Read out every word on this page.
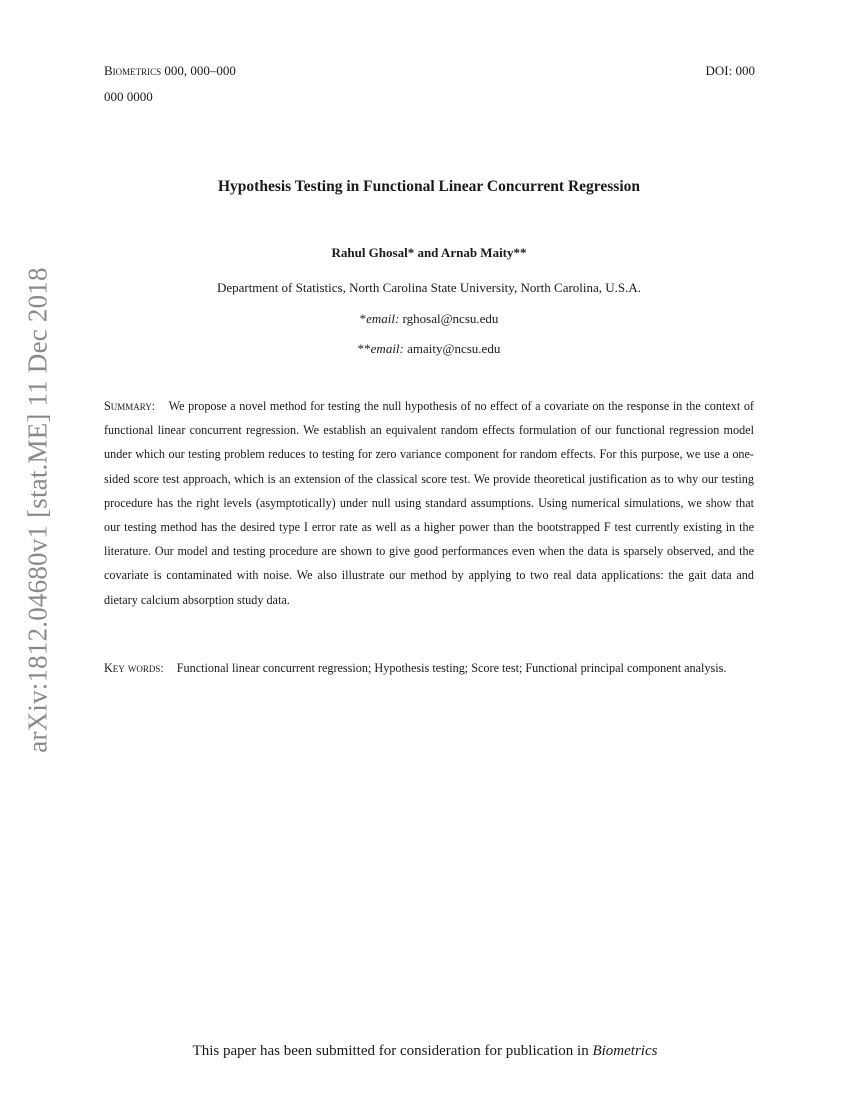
arXiv:1812.04680v1 [stat.ME] 11 Dec 2018
Biometrics 000, 000–000
000 0000
DOI: 000
Hypothesis Testing in Functional Linear Concurrent Regression
Rahul Ghosal* and Arnab Maity**
Department of Statistics, North Carolina State University, North Carolina, U.S.A.
*email: rghosal@ncsu.edu
**email: amaity@ncsu.edu
Summary: We propose a novel method for testing the null hypothesis of no effect of a covariate on the response in the context of functional linear concurrent regression. We establish an equivalent random effects formulation of our functional regression model under which our testing problem reduces to testing for zero variance component for random effects. For this purpose, we use a one-sided score test approach, which is an extension of the classical score test. We provide theoretical justification as to why our testing procedure has the right levels (asymptotically) under null using standard assumptions. Using numerical simulations, we show that our testing method has the desired type I error rate as well as a higher power than the bootstrapped F test currently existing in the literature. Our model and testing procedure are shown to give good performances even when the data is sparsely observed, and the covariate is contaminated with noise. We also illustrate our method by applying to two real data applications: the gait data and dietary calcium absorption study data.
Key words: Functional linear concurrent regression; Hypothesis testing; Score test; Functional principal component analysis.
This paper has been submitted for consideration for publication in Biometrics
